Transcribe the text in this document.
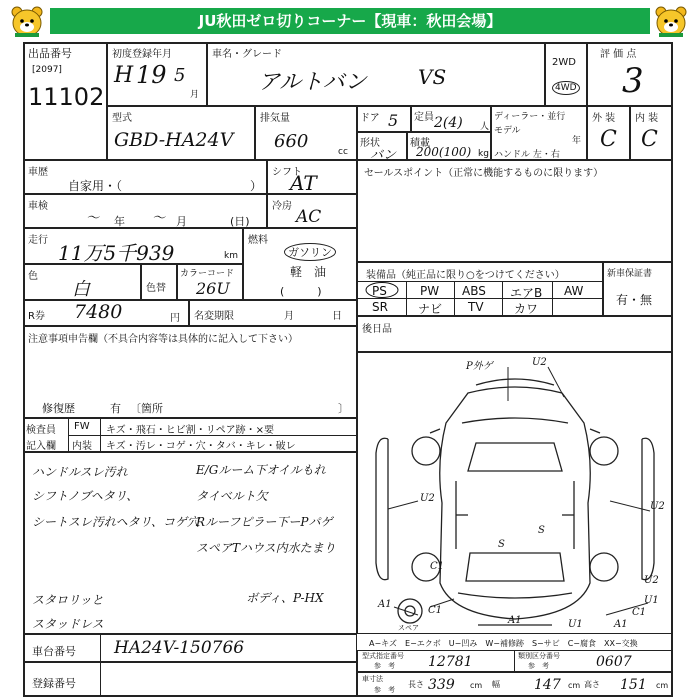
JU秋田ゼロ切りコーナー【現車：秋田会場】
出品番号
[2097]
11102
初度登録年月
H 19 5
月
車名・グレード
アルトバン	VS
2WD
4WD
評 価 点
3
型式
GBD-HA24V
排気量
660	cc
ドア 5 定員 2(4) 人
ディーラー・並行
モデル
年
ハンドル 左・右
形状
バン
積載
200(100) kg
外 装
C
内 装
C
車歴
自家用・（	）
シフト
AT	セールスポイント（正常に機能するものに限ります）
車検
〜 年 〜 月	(日)
冷房
AC
走行
11万5千939	km
燃料
ガソリン
軽　油
(　　　)
色
白	色替
カラーコード
26U
装備品（純正品に限り○をつけてください）
PS	PW ABS エアB AW
SR	ナビ TV	カワ
新車保証書
有・無
R券 7480	円 名変期限	月	日
後日品
注意事項申告欄（不具合内容等は具体的に記入して下さい）
修復歴	有 〔箇所	〕
検査員
記入欄
FW
内装
キズ・飛石・ヒビ割・リペア跡・×要
キズ・汚レ・コゲ・穴・タバ・キレ・破レ
ハンドルスレ汚れ
シフトノブヘタリ、
シートスレ汚れヘタリ、コゲ穴
スタロリッと
スタッドレス
E/Gルーム下オイルもれ
タイベルト欠
Rルーフピラー下ーPパゲ
スペアTハウス内水たまり
ボディ、P-HX
P外ゲ	U2
U2
U2
S
S
A1	A1
C1	C1
C1
U2
U1
A1
U1
スペア
A−キズ　E−エクボ　U−凹み　W−補修跡　S−サビ　C−腐食　XX−交換
車台番号 HA24V-150766
登録番号
型式指定番号
参　考 12781	類別区分番号
参　考	0607
車寸法
参　考
長さ 339 cm 幅 147 cm 高さ 151 cm
